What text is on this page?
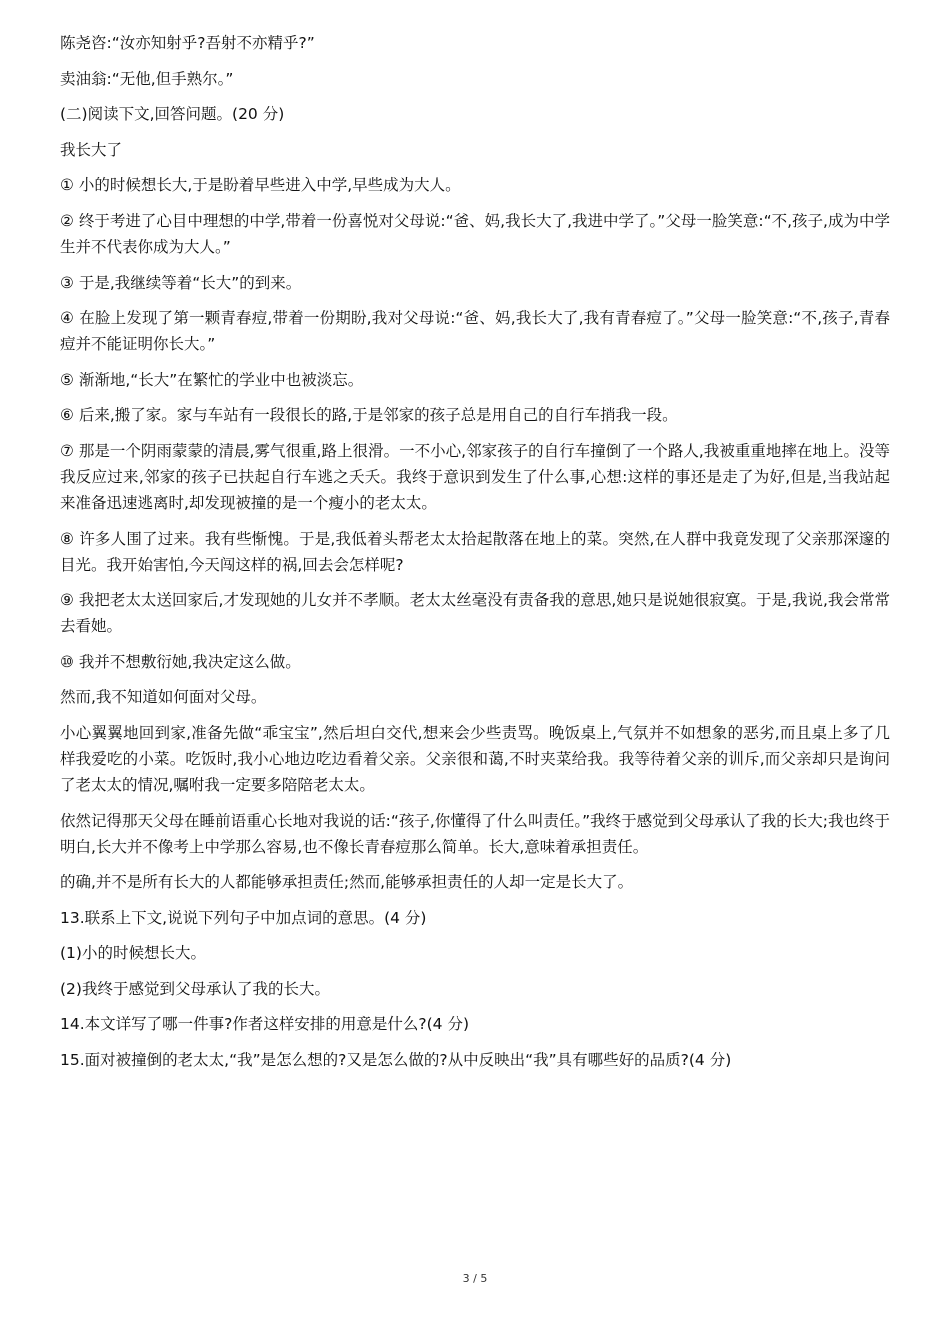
陈尧咨:“汝亦知射乎?吾射不亦精乎?”

卖油翁:“无他,但手熟尔。”

(二)阅读下文,回答问题。(20 分)

我长大了

① 小的时候想长大,于是盼着早些进入中学,早些成为大人。

② 终于考进了心目中理想的中学,带着一份喜悦对父母说:“爸、妈,我长大了,我进中学了。”父母一脸笑意:“不,孩子,成为中学生并不代表你成为大人。”

③ 于是,我继续等着“长大”的到来。

④ 在脸上发现了第一颗青春痘,带着一份期盼,我对父母说:“爸、妈,我长大了,我有青春痘了。”父母一脸笑意:“不,孩子,青春痘并不能证明你长大。”

⑤ 渐渐地,“长大”在繁忙的学业中也被淡忘。

⑥ 后来,搬了家。家与车站有一段很长的路,于是邻家的孩子总是用自己的自行车捎我一段。

⑦ 那是一个阴雨蒙蒙的清晨,雾气很重,路上很滑。一不小心,邻家孩子的自行车撞倒了一个路人,我被重重地摔在地上。没等我反应过来,邻家的孩子已扶起自行车逃之夭夭。我终于意识到发生了什么事,心想:这样的事还是走了为好,但是,当我站起来准备迅速逃离时,却发现被撞的是一个瘦小的老太太。

⑧ 许多人围了过来。我有些惭愧。于是,我低着头帮老太太拾起散落在地上的菜。突然,在人群中我竟发现了父亲那深邃的目光。我开始害怕,今天闯这样的祸,回去会怎样呢?

⑨ 我把老太太送回家后,才发现她的儿女并不孝顺。老太太丝毫没有责备我的意思,她只是说她很寂寞。于是,我说,我会常常去看她。

⑩ 我并不想敷衍她,我决定这么做。

然而,我不知道如何面对父母。

小心翼翼地回到家,准备先做“乖宝宝”,然后坦白交代,想来会少些责骂。晚饭桌上,气氛并不如想象的恶劣,而且桌上多了几样我爱吃的小菜。吃饭时,我小心地边吃边看着父亲。父亲很和蔼,不时夹菜给我。我等待着父亲的训斥,而父亲却只是询问了老太太的情况,嘱咐我一定要多陪陪老太太。

依然记得那天父母在睡前语重心长地对我说的话:“孩子,你懂得了什么叫责任。”我终于感觉到父母承认了我的长大;我也终于明白,长大并不像考上中学那么容易,也不像长青春痘那么简单。长大,意味着承担责任。

的确,并不是所有长大的人都能够承担责任;然而,能够承担责任的人却一定是长大了。

13.联系上下文,说说下列句子中加点词的意思。(4 分)

(1)小的时候想长大。

(2)我终于感觉到父母承认了我的长大。

14.本文详写了哪一件事?作者这样安排的用意是什么?(4 分)

15.面对被撞倒的老太太,“我”是怎么想的?又是怎么做的?从中反映出“我”具有哪些好的品质?(4 分)

3 / 5
